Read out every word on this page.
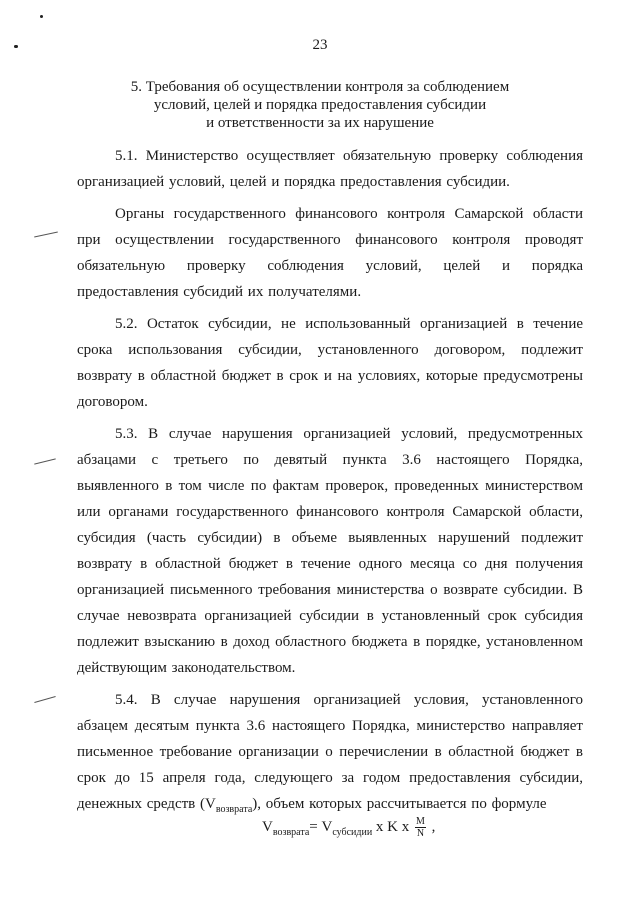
23
5. Требования об осуществлении контроля за соблюдением
условий, целей и порядка предоставления субсидии
и ответственности за их нарушение

5.1. Министерство осуществляет обязательную проверку соблюдения организацией условий, целей и порядка предоставления субсидии.

Органы государственного финансового контроля Самарской области при осуществлении государственного финансового контроля проводят обязательную проверку соблюдения условий, целей и порядка предоставления субсидий их получателями.

5.2. Остаток субсидии, не использованный организацией в течение срока использования субсидии, установленного договором, подлежит возврату в областной бюджет в срок и на условиях, которые предусмотрены договором.

5.3. В случае нарушения организацией условий, предусмотренных абзацами с третьего по девятый пункта 3.6 настоящего Порядка, выявленного в том числе по фактам проверок, проведенных министерством или органами государственного финансового контроля Самарской области, субсидия (часть субсидии) в объеме выявленных нарушений подлежит возврату в областной бюджет в течение одного месяца со дня получения организацией письменного требования министерства о возврате субсидии. В случае невозврата организацией субсидии в установленный срок субсидия подлежит взысканию в доход областного бюджета в порядке, установленном действующим законодательством.

5.4. В случае нарушения организацией условия, установленного абзацем десятым пункта 3.6 настоящего Порядка, министерство направляет письменное требование организации о перечислении в областной бюджет в срок до 15 апреля года, следующего за годом предоставления субсидии, денежных средств $(V_{возврата})$, объем которых рассчитывается по формуле

$V_{возврата}= V_{субсидии}$ x K x $\frac{M}{N}$ ,
